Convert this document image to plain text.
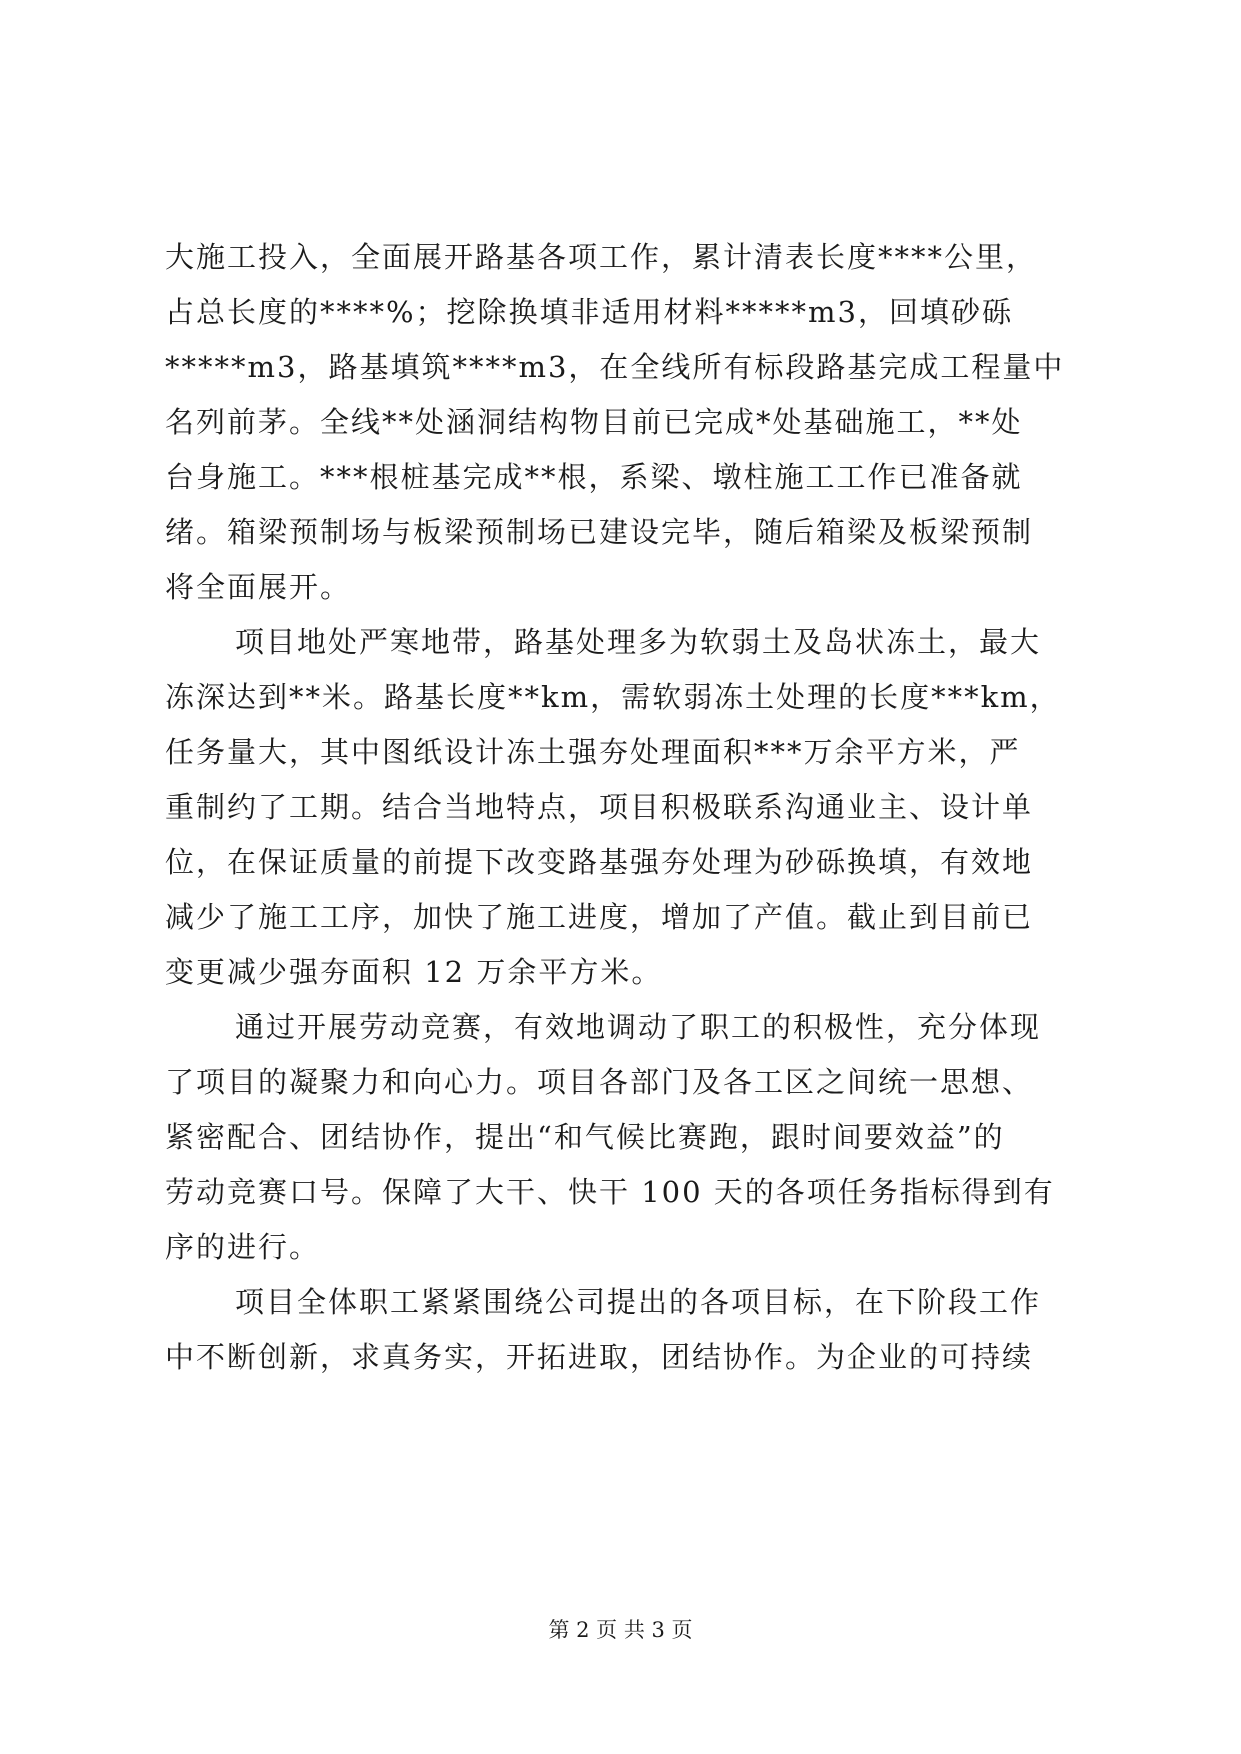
大施工投入，全面展开路基各项工作，累计清表长度****公里，
占总长度的****%；挖除换填非适用材料*****m3，回填砂砾
*****m3，路基填筑****m3，在全线所有标段路基完成工程量中
名列前茅。全线**处涵洞结构物目前已完成*处基础施工，**处
台身施工。***根桩基完成**根，系梁、墩柱施工工作已准备就
绪。箱梁预制场与板梁预制场已建设完毕，随后箱梁及板梁预制
将全面展开。
项目地处严寒地带，路基处理多为软弱土及岛状冻土，最大
冻深达到**米。路基长度**km，需软弱冻土处理的长度***km，
任务量大，其中图纸设计冻土强夯处理面积***万余平方米，严
重制约了工期。结合当地特点，项目积极联系沟通业主、设计单
位，在保证质量的前提下改变路基强夯处理为砂砾换填，有效地
减少了施工工序，加快了施工进度，增加了产值。截止到目前已
变更减少强夯面积 12 万余平方米。
通过开展劳动竞赛，有效地调动了职工的积极性，充分体现
了项目的凝聚力和向心力。项目各部门及各工区之间统一思想、
紧密配合、团结协作，提出“和气候比赛跑，跟时间要效益”的
劳动竞赛口号。保障了大干、快干 100 天的各项任务指标得到有
序的进行。
项目全体职工紧紧围绕公司提出的各项目标，在下阶段工作
中不断创新，求真务实，开拓进取，团结协作。为企业的可持续
第 2 页 共 3 页
